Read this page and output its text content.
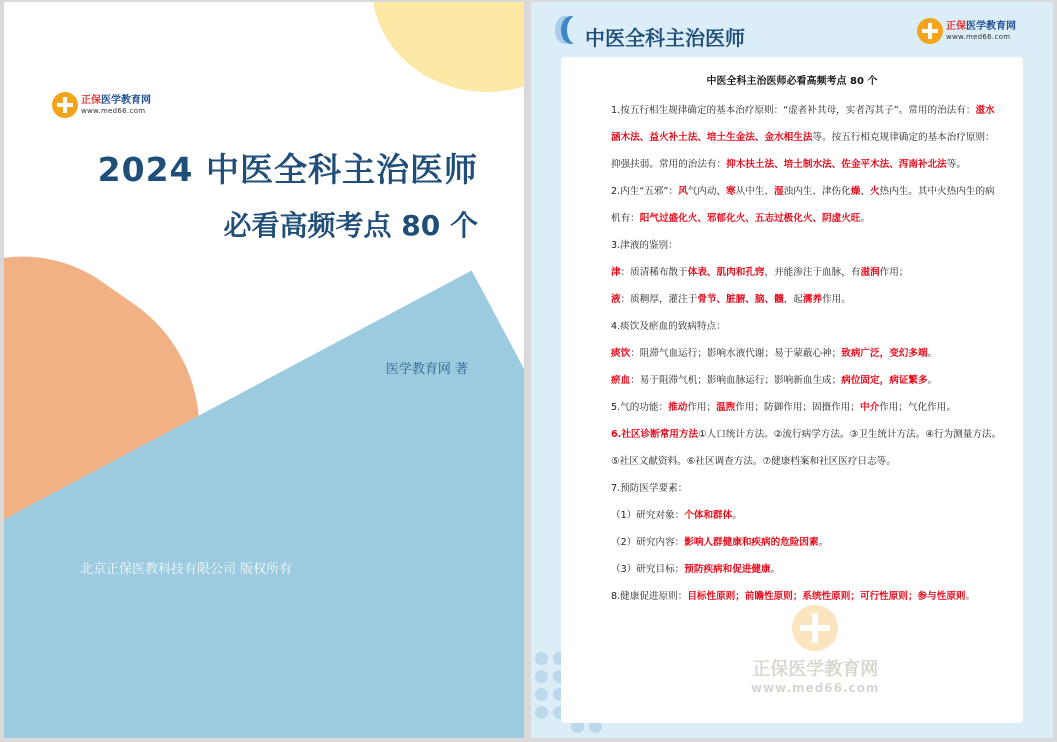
正保医学教育网
www.med66.com
2024 中医全科主治医师
必看高频考点 80 个
医学教育网 著
北京正保医教科技有限公司 版权所有
中医全科主治医师	正保医学教育网
www.med66.com
正保医学教育网
www.med66.com
中医全科主治医师必看高频考点 80 个

1.按五行相生规律确定的基本治疗原则：“虚者补其母，实者泻其子”。常用的治法有：滋水涵木法、益火补土法、培土生金法、金水相生法等。按五行相克规律确定的基本治疗原则：抑强扶弱。常用的治法有：抑木扶土法、培土制水法、佐金平木法、泻南补北法等。

2.内生“五邪”：风气内动、寒从中生、湿浊内生、津伤化燥、火热内生。其中火热内生的病机有：阳气过盛化火、邪郁化火、五志过极化火、阴虚火旺。

3.津液的鉴别：

津：质清稀布散于体表、肌肉和孔窍，并能渗注于血脉，有滋润作用；

液：质稠厚，灌注于骨节、脏腑、脑、髓，起濡养作用。

4.痰饮及瘀血的致病特点：

痰饮：阻滞气血运行；影响水液代谢；易于蒙蔽心神；致病广泛，变幻多端。

瘀血：易于阻滞气机；影响血脉运行；影响新血生成；病位固定，病证繁多。

5.气的功能：推动作用；温煦作用；防御作用；固摄作用；中介作用；气化作用。

6.社区诊断常用方法①人口统计方法。②流行病学方法。③卫生统计方法。④行为测量方法。⑤社区文献资料。⑥社区调查方法。⑦健康档案和社区医疗日志等。

7.预防医学要素：

（1）研究对象：个体和群体。

（2）研究内容：影响人群健康和疾病的危险因素。

（3）研究目标：预防疾病和促进健康。

8.健康促进原则：目标性原则；前瞻性原则；系统性原则；可行性原则；参与性原则。
